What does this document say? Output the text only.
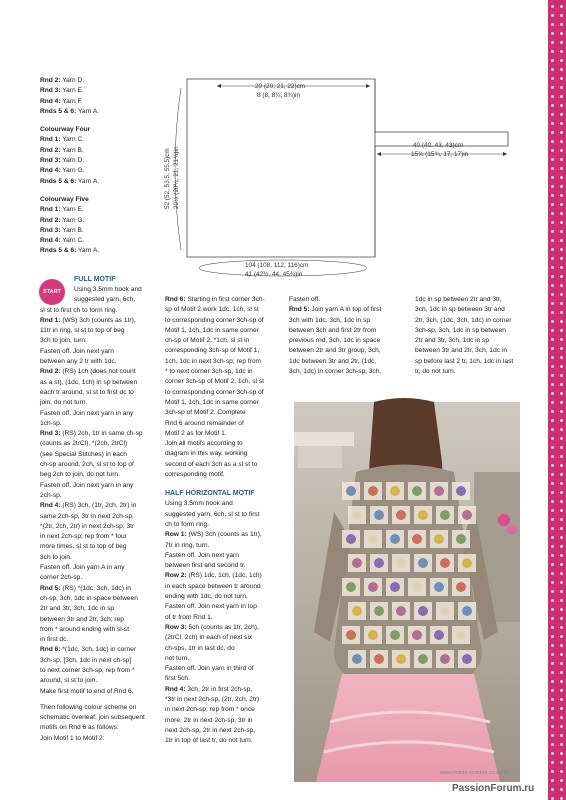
Rnd 2: Yarn D.

Rnd 3: Yarn E.

Rnd 4: Yarn F.

Rnds 5 & 6: Yarn A.

Colourway Four

Rnd 1: Yarn C.

Rnd 2: Yarn B.

Rnd 3: Yarn D.

Rnd 4: Yarn G.

Rnds 5 & 6: Yarn A.

Colourway Five

Rnd 1: Yarn E.

Rnd 2: Yarn G.

Rnd 3: Yarn B.

Rnd 4: Yarn C.

Rnds 5 & 6: Yarn A.

20 (20, 21, 22)cm
8 (8, 8¼, 8¾)in
40 (40, 43, 43)cm
15¾ (15¾, 17, 17)in
52 (52, 53.5, 55.5)cm 20½ (20½, 21, 21¾)in
104 (108, 112, 116)cm
41 (42½, 44, 45¾)in
START

FULL MOTIF

Using 3.5mm hook and

suggested yarn, 6ch,

sl st to first ch to form ring.

Rnd 1: (WS) 3ch (counts as 1tr),

11tr in ring, sl st to top of beg

3ch to join, turn.

Fasten off. Join next yarn

between any 2 tr with 1dc.

Rnd 2: (RS) 1ch (does not count

as a st), (1dc, 1ch) in sp between

each tr around, sl st to first dc to

join, do not turn.

Fasten off. Join next yarn in any

1ch-sp.

Rnd 3: (RS) 2ch, 1tr in same ch-sp

(counts as 2trCl), *(2ch, 2trCl)

(see Special Stitches) in each

ch-sp around, 2ch, sl st to top of

beg 2ch to join, do not turn.

Fasten off. Join next yarn in any

2ch-sp.

Rnd 4: (RS) 3ch, (1tr, 2ch, 2tr) in

same 2ch-sp, 3tr in next 2ch-sp,

*(2tr, 2ch, 2tr) in next 2ch-sp; 3tr

in next 2ch-sp; rep from * four

more times, sl st to top of beg

3ch to join.

Fasten off. Join yarn A in any

corner 2ch-sp.

Rnd 5: (RS) *(1dc, 3ch, 1dc) in

ch-sp, 3ch, 1dc in space between

2tr and 3tr, 3ch, 1dc in sp

between 3tr and 2tr, 3ch; rep

from * around ending with sl-st

in first dc.

Rnd 6: *(1dc, 3ch, 1dc) in corner

3ch-sp, [3ch, 1dc in next ch-sp]

to next corner 3ch-sp; rep from *

around, sl st to join.

Make first motif to end of Rnd 6.

Then following colour scheme on

schematic overleaf, join subsequent

motifs on Rnd 6 as follows:

Join Motif 1 to Motif 2:

Rnd 6: Starting in first corner 3ch-

sp of Motif 2 work 1dc, 1ch, sl st

to corresponding corner 3ch-sp of

Motif 1, 1ch, 1dc in same corner

ch-sp of Motif 2, *1ch, sl st in

corresponding 3ch-sp of Motif 1,

1ch, 1dc in next 3ch-sp; rep from

* to next corner 3ch-sp, 1dc in

corner 3ch-sp of Motif 2, 1ch, sl st

to corresponding corner 3ch-sp of

Motif 1, 1ch, 1dc in same corner

3ch-sp of Motif 2. Complete

Rnd 6 around remainder of

Motif 2 as for Motif 1.

Join all motifs according to

diagram in this way, working

second of each 3ch as a sl st to

corresponding motif.

HALF HORIZONTAL MOTIF

Using 3.5mm hook and

suggested yarn, 6ch, sl st to first

ch to form ring.

Row 1: (WS) 3ch (counts as 1tr),

7tr in ring, turn.

Fasten off. Join next yarn

between first and second tr.

Row 2: (RS) 1dc, 1ch, (1dc, 1ch)

in each space between tr around

ending with 1dc, do not turn.

Fasten off. Join next yarn in top

of tr from Rnd 1.

Row 3: 5ch (counts as 1tr, 2ch),

(2trCl, 2ch) in each of next six

ch-sps, 1tr in last dc, do

not turn.

Fasten off. Join yarn in third of

first 5ch.

Rnd 4: 3ch, 2tr in first 2ch-sp,

*3tr in next 2ch-sp, (2tr, 2ch, 2tr)

in next 2ch-sp; rep from * once

more, 2tr in next 2ch-sp, 3tr in

next 2ch-sp, 2tr in next 2ch-sp,

1tr in top of last tr, do not turn.

Fasten off.

Rnd 5: Join yarn A in top of first

3ch with 1dc, 3ch, 1dc in sp

between 3ch and first 2tr from

previous rnd, 3ch, 1dc in space

between 2tr and 3tr group, 3ch,

1dc between 3tr and 2tr, (1dc,

3ch, 1dc) in corner 3ch-sp, 3ch,

1dc in sp between 2tr and 3tr,

3ch, 1dc in sp between 3tr and

2tr, 3ch, (1dc, 3ch, 1dc) in corner

3ch-sp, 3ch, 1dc in sp between

2tr and 3tr, 3ch, 1dc in sp

between 3tr and 2tr, 3ch, 1dc in

sp before last 2 tr, 1ch, 1dc in last

tr, do not turn.

www.inside-crochet.co.uk 43
PassionForum.ru
